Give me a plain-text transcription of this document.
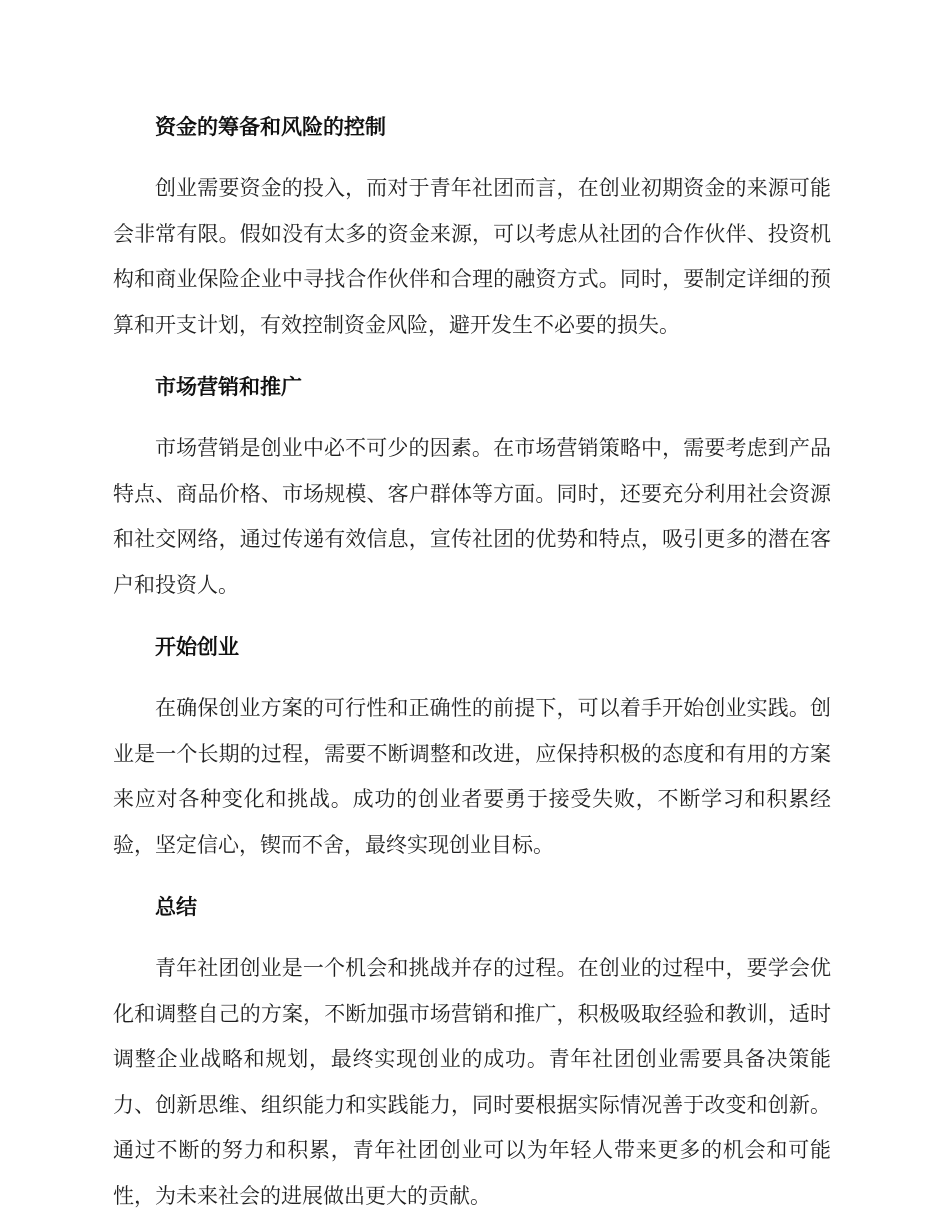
资金的筹备和风险的控制

创业需要资金的投入，而对于青年社团而言，在创业初期资金的来源可能会非常有限。假如没有太多的资金来源，可以考虑从社团的合作伙伴、投资机构和商业保险企业中寻找合作伙伴和合理的融资方式。同时，要制定详细的预算和开支计划，有效控制资金风险，避开发生不必要的损失。

市场营销和推广

市场营销是创业中必不可少的因素。在市场营销策略中，需要考虑到产品特点、商品价格、市场规模、客户群体等方面。同时，还要充分利用社会资源和社交网络，通过传递有效信息，宣传社团的优势和特点，吸引更多的潜在客户和投资人。

开始创业

在确保创业方案的可行性和正确性的前提下，可以着手开始创业实践。创业是一个长期的过程，需要不断调整和改进，应保持积极的态度和有用的方案来应对各种变化和挑战。成功的创业者要勇于接受失败，不断学习和积累经验，坚定信心，锲而不舍，最终实现创业目标。

总结

青年社团创业是一个机会和挑战并存的过程。在创业的过程中，要学会优化和调整自己的方案，不断加强市场营销和推广，积极吸取经验和教训，适时调整企业战略和规划，最终实现创业的成功。青年社团创业需要具备决策能力、创新思维、组织能力和实践能力，同时要根据实际情况善于改变和创新。通过不断的努力和积累，青年社团创业可以为年轻人带来更多的机会和可能性，为未来社会的进展做出更大的贡献。
